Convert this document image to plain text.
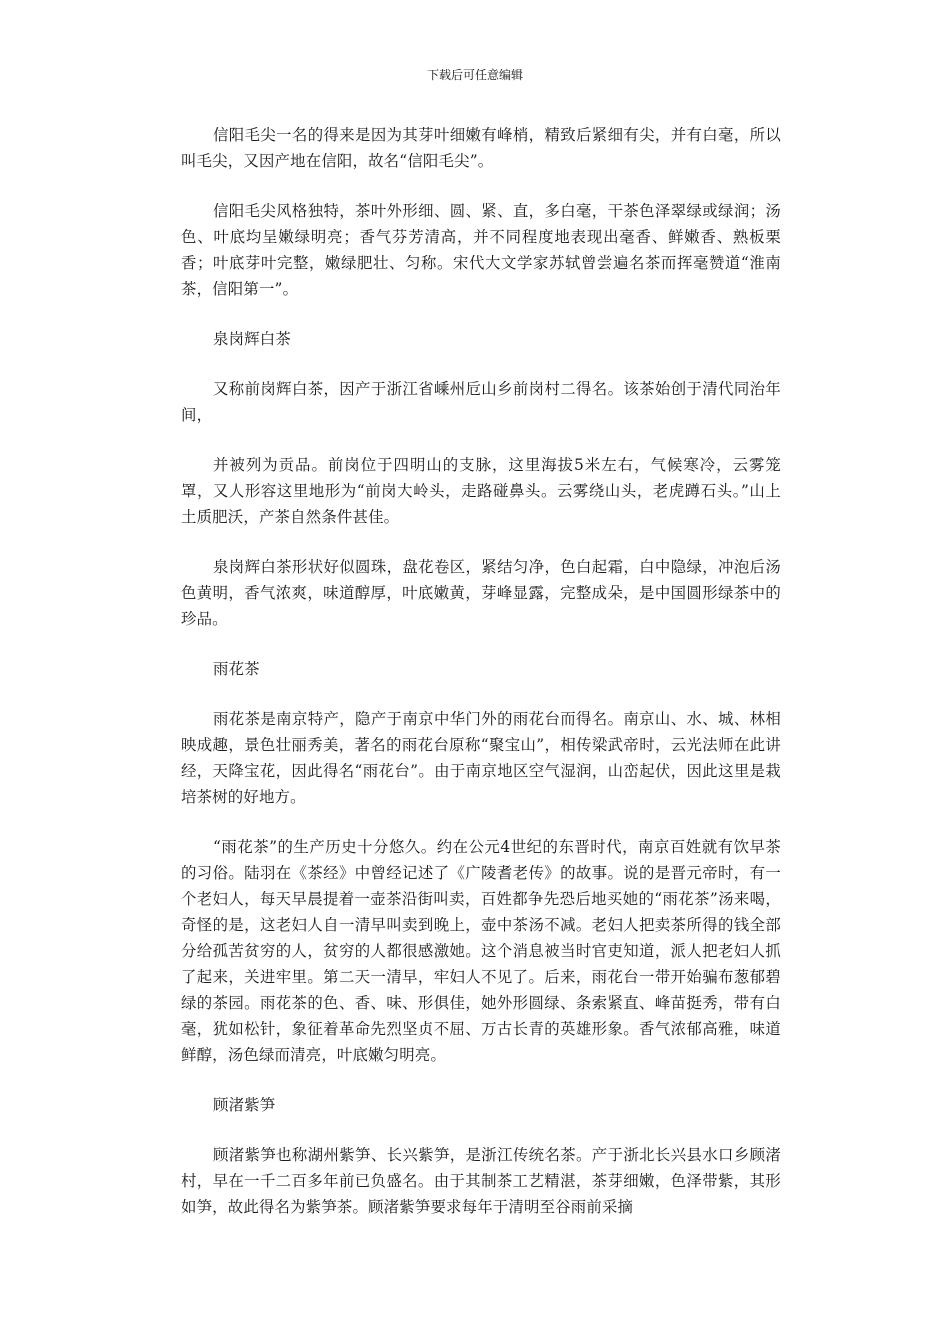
下载后可任意编辑

信阳毛尖一名的得来是因为其芽叶细嫩有峰梢，精致后紧细有尖，并有白毫，所以叫毛尖，又因产地在信阳，故名“信阳毛尖”。

信阳毛尖风格独特，茶叶外形细、圆、紧、直，多白毫，干茶色泽翠绿或绿润；汤色、叶底均呈嫩绿明亮；香气芬芳清高，并不同程度地表现出毫香、鲜嫩香、熟板栗香；叶底芽叶完整，嫩绿肥壮、匀称。宋代大文学家苏轼曾尝遍名茶而挥毫赞道“淮南茶，信阳第一”。

泉岗辉白茶

又称前岗辉白茶，因产于浙江省嵊州卮山乡前岗村二得名。该茶始创于清代同治年间，

并被列为贡品。前岗位于四明山的支脉，这里海拔5米左右，气候寒冷，云雾笼罩，又人形容这里地形为“前岗大岭头，走路碰鼻头。云雾绕山头，老虎蹲石头。”山上土质肥沃，产茶自然条件甚佳。

泉岗辉白茶形状好似圆珠，盘花卷区，紧结匀净，色白起霜，白中隐绿，冲泡后汤色黄明，香气浓爽，味道醇厚，叶底嫩黄，芽峰显露，完整成朵，是中国圆形绿茶中的珍品。

雨花茶

雨花茶是南京特产，隐产于南京中华门外的雨花台而得名。南京山、水、城、林相映成趣，景色壮丽秀美，著名的雨花台原称“聚宝山”，相传梁武帝时，云光法师在此讲经，天降宝花，因此得名“雨花台”。由于南京地区空气湿润，山峦起伏，因此这里是栽培茶树的好地方。

“雨花茶”的生产历史十分悠久。约在公元4世纪的东晋时代，南京百姓就有饮早茶的习俗。陆羽在《茶经》中曾经记述了《广陵耆老传》的故事。说的是晋元帝时，有一个老妇人，每天早晨提着一壶茶沿街叫卖，百姓都争先恐后地买她的“雨花茶”汤来喝，奇怪的是，这老妇人自一清早叫卖到晚上，壶中茶汤不减。老妇人把卖茶所得的钱全部分给孤苦贫穷的人，贫穷的人都很感激她。这个消息被当时官吏知道，派人把老妇人抓了起来，关进牢里。第二天一清早，牢妇人不见了。后来，雨花台一带开始骗布葱郁碧绿的茶园。雨花茶的色、香、味、形俱佳，她外形圆绿、条索紧直、峰苗挺秀，带有白毫，犹如松针，象征着革命先烈坚贞不屈、万古长青的英雄形象。香气浓郁高雅，味道鲜醇，汤色绿而清亮，叶底嫩匀明亮。

顾渚紫笋

顾渚紫笋也称湖州紫笋、长兴紫笋，是浙江传统名茶。产于浙北长兴县水口乡顾渚村，早在一千二百多年前已负盛名。由于其制茶工艺精湛，茶芽细嫩，色泽带紫，其形如笋，故此得名为紫笋茶。顾渚紫笋要求每年于清明至谷雨前采摘
